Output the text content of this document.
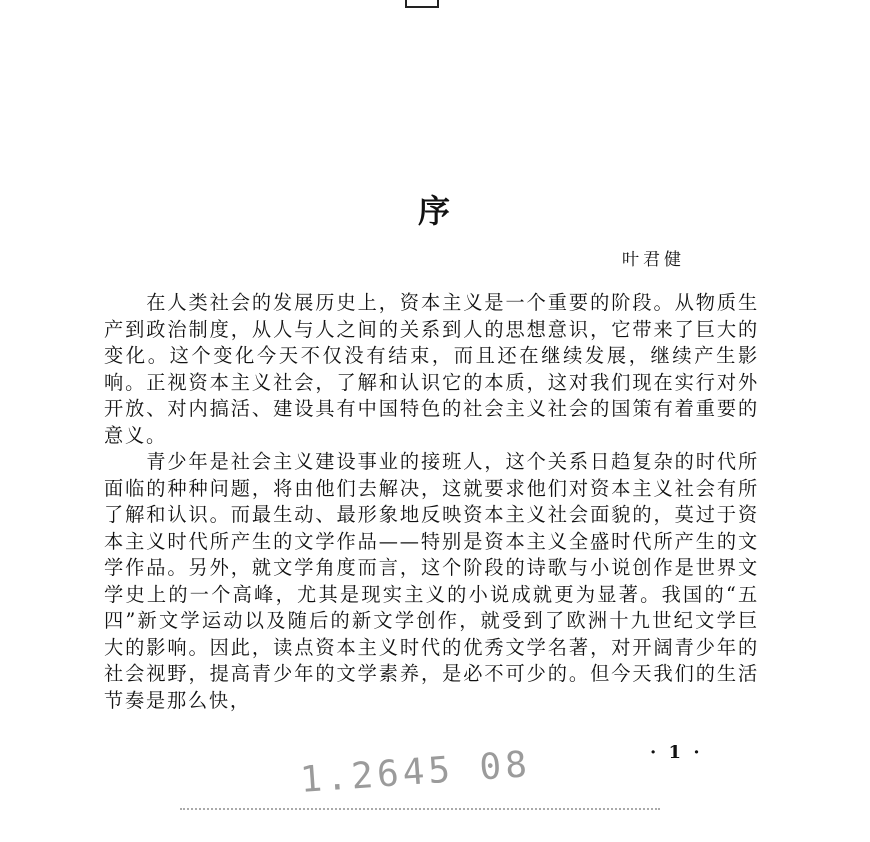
序
叶君健

在人类社会的发展历史上，资本主义是一个重要的阶段。从物质生产到政治制度，从人与人之间的关系到人的思想意识，它带来了巨大的变化。这个变化今天不仅没有结束，而且还在继续发展，继续产生影响。正视资本主义社会，了解和认识它的本质，这对我们现在实行对外开放、对内搞活、建设具有中国特色的社会主义社会的国策有着重要的意义。

青少年是社会主义建设事业的接班人，这个关系日趋复杂的时代所面临的种种问题，将由他们去解决，这就要求他们对资本主义社会有所了解和认识。而最生动、最形象地反映资本主义社会面貌的，莫过于资本主义时代所产生的文学作品——特别是资本主义全盛时代所产生的文学作品。另外，就文学角度而言，这个阶段的诗歌与小说创作是世界文学史上的一个高峰，尤其是现实主义的小说成就更为显著。我国的“五四”新文学运动以及随后的新文学创作，就受到了欧洲十九世纪文学巨大的影响。因此，读点资本主义时代的优秀文学名著，对开阔青少年的社会视野，提高青少年的文学素养，是必不可少的。但今天我们的生活节奏是那么快，

· 1 ·
1.2645 08
